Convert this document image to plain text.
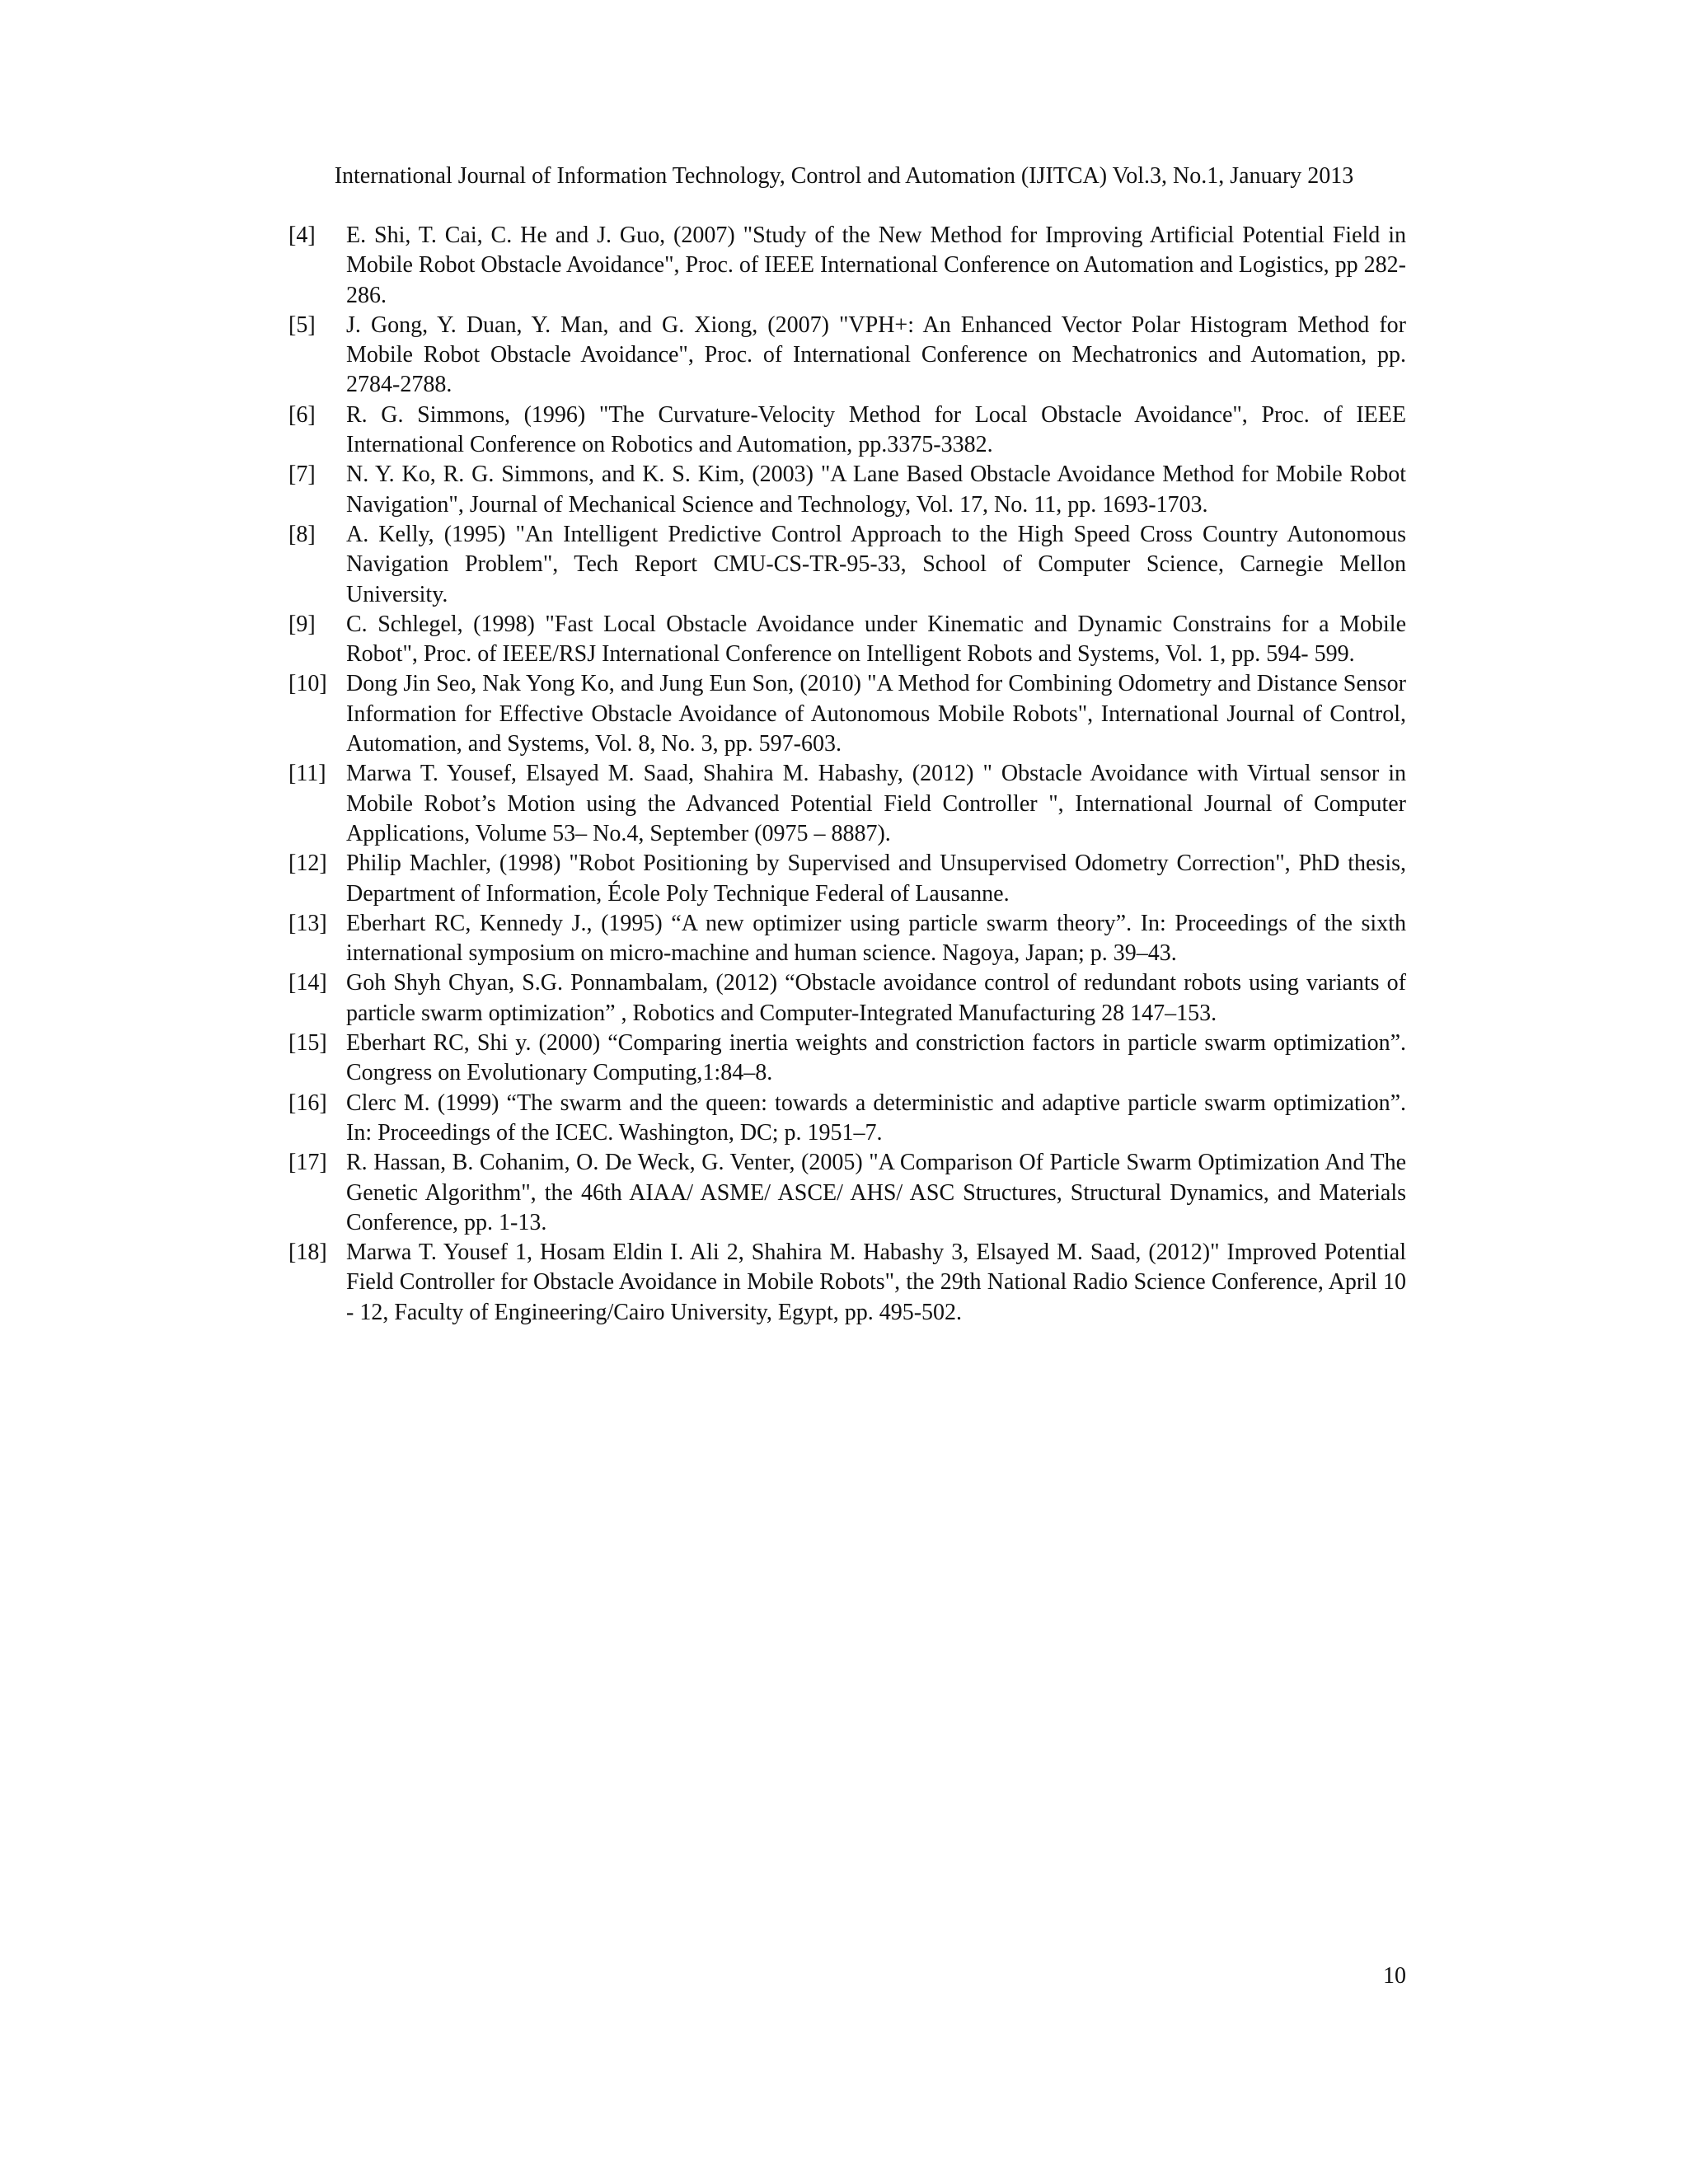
International Journal of Information Technology, Control and Automation (IJITCA) Vol.3, No.1, January 2013
[4] E. Shi, T. Cai, C. He and J. Guo, (2007) "Study of the New Method for Improving Artificial Potential Field in Mobile Robot Obstacle Avoidance", Proc. of IEEE International Conference on Automation and Logistics, pp 282-286.
[5] J. Gong, Y. Duan, Y. Man, and G. Xiong, (2007) "VPH+: An Enhanced Vector Polar Histogram Method for Mobile Robot Obstacle Avoidance", Proc. of International Conference on Mechatronics and Automation, pp. 2784-2788.
[6] R. G. Simmons, (1996) "The Curvature-Velocity Method for Local Obstacle Avoidance", Proc. of IEEE International Conference on Robotics and Automation, pp.3375-3382.
[7] N. Y. Ko, R. G. Simmons, and K. S. Kim, (2003) "A Lane Based Obstacle Avoidance Method for Mobile Robot Navigation", Journal of Mechanical Science and Technology, Vol. 17, No. 11, pp. 1693-1703.
[8] A. Kelly, (1995) "An Intelligent Predictive Control Approach to the High Speed Cross Country Autonomous Navigation Problem", Tech Report CMU-CS-TR-95-33, School of Computer Science, Carnegie Mellon University.
[9] C. Schlegel, (1998) "Fast Local Obstacle Avoidance under Kinematic and Dynamic Constrains for a Mobile Robot", Proc. of IEEE/RSJ International Conference on Intelligent Robots and Systems, Vol. 1, pp. 594- 599.
[10] Dong Jin Seo, Nak Yong Ko, and Jung Eun Son, (2010) "A Method for Combining Odometry and Distance Sensor Information for Effective Obstacle Avoidance of Autonomous Mobile Robots", International Journal of Control, Automation, and Systems, Vol. 8, No. 3, pp. 597-603.
[11] Marwa T. Yousef, Elsayed M. Saad, Shahira M. Habashy, (2012) " Obstacle Avoidance with Virtual sensor in Mobile Robot’s Motion using the Advanced Potential Field Controller ", International Journal of Computer Applications, Volume 53– No.4, September (0975 – 8887).
[12] Philip Machler, (1998) "Robot Positioning by Supervised and Unsupervised Odometry Correction", PhD thesis, Department of Information, École Poly Technique Federal of Lausanne.
[13] Eberhart RC, Kennedy J., (1995) “A new optimizer using particle swarm theory”. In: Proceedings of the sixth international symposium on micro-machine and human science. Nagoya, Japan; p. 39–43.
[14] Goh Shyh Chyan, S.G. Ponnambalam, (2012) “Obstacle avoidance control of redundant robots using variants of particle swarm optimization” , Robotics and Computer-Integrated Manufacturing 28 147–153.
[15] Eberhart RC, Shi y. (2000) “Comparing inertia weights and constriction factors in particle swarm optimization”. Congress on Evolutionary Computing,1:84–8.
[16] Clerc M. (1999) “The swarm and the queen: towards a deterministic and adaptive particle swarm optimization”. In: Proceedings of the ICEC. Washington, DC; p. 1951–7.
[17] R. Hassan, B. Cohanim, O. De Weck, G. Venter, (2005) "A Comparison Of Particle Swarm Optimization And The Genetic Algorithm", the 46th AIAA/ ASME/ ASCE/ AHS/ ASC Structures, Structural Dynamics, and Materials Conference, pp. 1-13.
[18] Marwa T. Yousef 1, Hosam Eldin I. Ali 2, Shahira M. Habashy 3, Elsayed M. Saad, (2012)" Improved Potential Field Controller for Obstacle Avoidance in Mobile Robots", the 29th National Radio Science Conference, April 10 - 12, Faculty of Engineering/Cairo University, Egypt, pp. 495-502.
10
